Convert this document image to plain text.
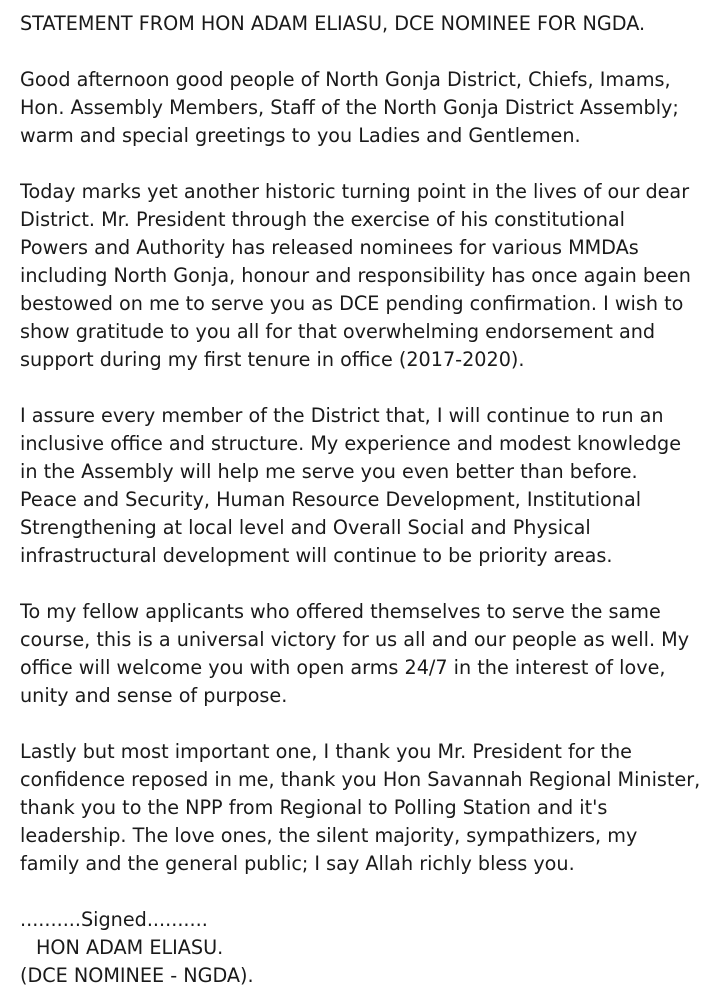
STATEMENT FROM HON ADAM ELIASU, DCE NOMINEE FOR NGDA.

Good afternoon good people of North Gonja District, Chiefs, Imams,

Hon. Assembly Members, Staff of the North Gonja District Assembly;

warm and special greetings to you Ladies and Gentlemen.

Today marks yet another historic turning point in the lives of our dear

District. Mr. President through the exercise of his constitutional

Powers and Authority has released nominees for various MMDAs

including North Gonja, honour and responsibility has once again been

bestowed on me to serve you as DCE pending confirmation. I wish to

show gratitude to you all for that overwhelming endorsement and

support during my first tenure in office (2017-2020).

I assure every member of the District that, I will continue to run an

inclusive office and structure. My experience and modest knowledge

in the Assembly will help me serve you even better than before.

Peace and Security, Human Resource Development, Institutional

Strengthening at local level and Overall Social and Physical

infrastructural development will continue to be priority areas.

To my fellow applicants who offered themselves to serve the same

course, this is a universal victory for us all and our people as well. My

office will welcome you with open arms 24/7 in the interest of love,

unity and sense of purpose.

Lastly but most important one, I thank you Mr. President for the

confidence reposed in me, thank you Hon Savannah Regional Minister,

thank you to the NPP from Regional to Polling Station and it's

leadership. The love ones, the silent majority, sympathizers, my

family and the general public; I say Allah richly bless you.

..........Signed..........

HON ADAM ELIASU.

(DCE NOMINEE - NGDA).
